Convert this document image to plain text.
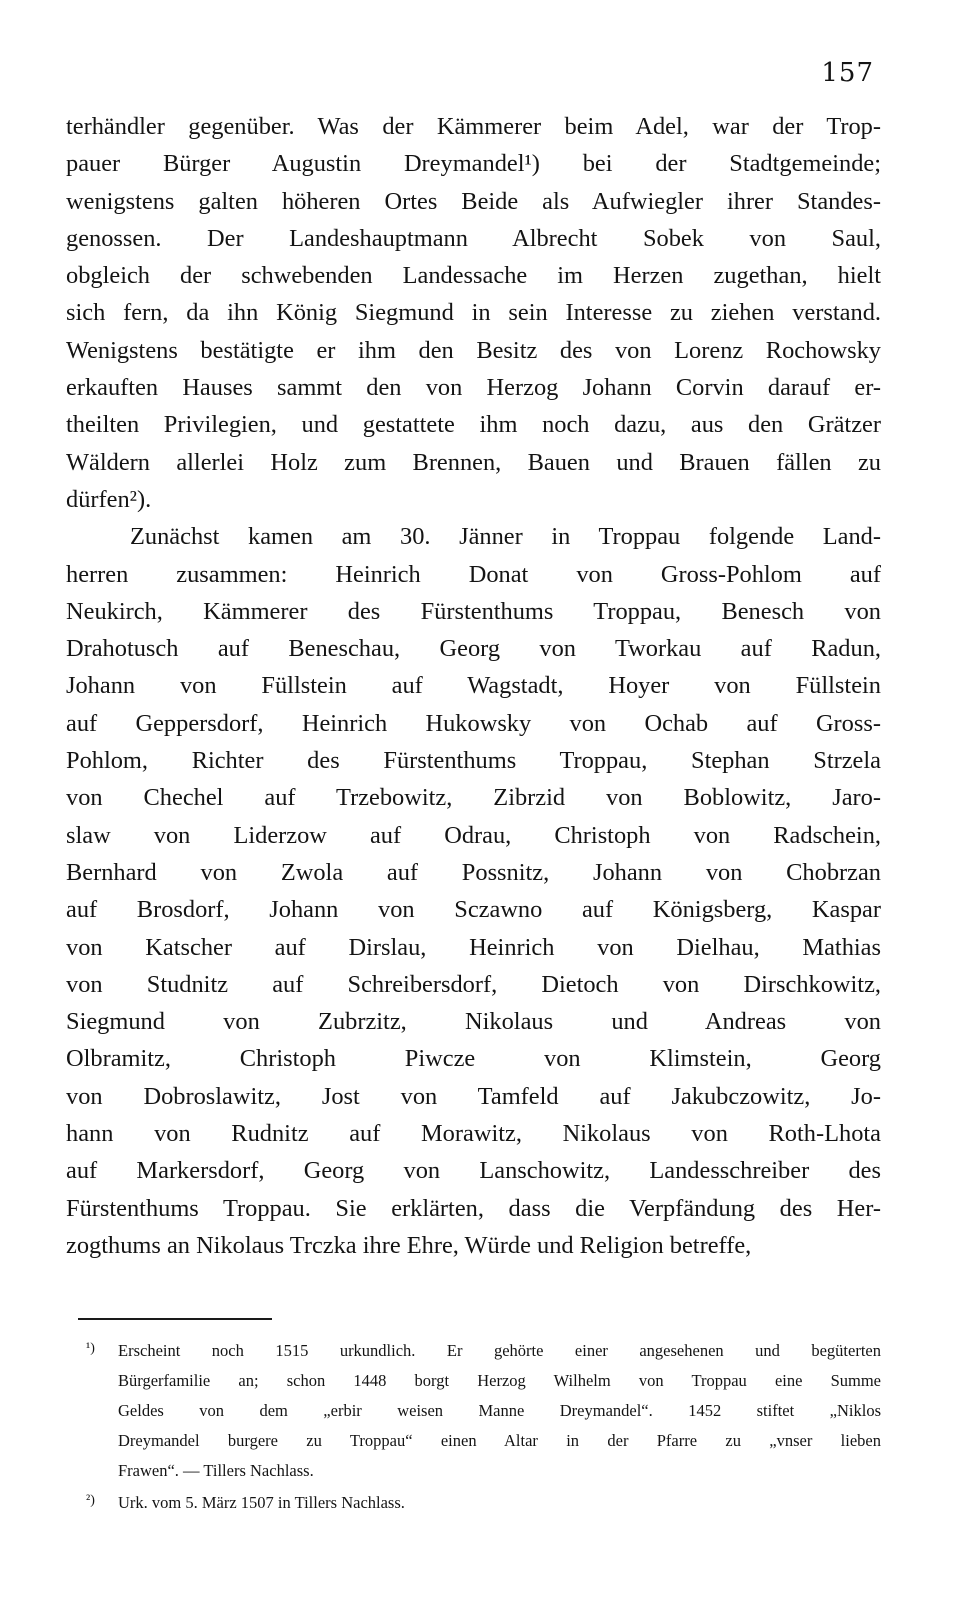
157
terhändler gegenüber. Was der Kämmerer beim Adel, war der Trop-
pauer Bürger Augustin Dreymandel¹) bei der Stadtgemeinde;
wenigstens galten höheren Ortes Beide als Aufwiegler ihrer Standes-
genossen. Der Landeshauptmann Albrecht Sobek von Saul,
obgleich der schwebenden Landessache im Herzen zugethan, hielt
sich fern, da ihn König Siegmund in sein Interesse zu ziehen verstand.
Wenigstens bestätigte er ihm den Besitz des von Lorenz Rochowsky
erkauften Hauses sammt den von Herzog Johann Corvin darauf er-
theilten Privilegien, und gestattete ihm noch dazu, aus den Grätzer
Wäldern allerlei Holz zum Brennen, Bauen und Brauen fällen zu
dürfen²).
Zunächst kamen am 30. Jänner in Troppau folgende Land-
herren zusammen: Heinrich Donat von Gross-Pohlom auf
Neukirch, Kämmerer des Fürstenthums Troppau, Benesch von
Drahotusch auf Beneschau, Georg von Tworkau auf Radun,
Johann von Füllstein auf Wagstadt, Hoyer von Füllstein
auf Geppersdorf, Heinrich Hukowsky von Ochab auf Gross-
Pohlom, Richter des Fürstenthums Troppau, Stephan Strzela
von Chechel auf Trzebowitz, Zibrzid von Boblowitz, Jaro-
slaw von Liderzow auf Odrau, Christoph von Radschein,
Bernhard von Zwola auf Possnitz, Johann von Chobrzan
auf Brosdorf, Johann von Sczawno auf Königsberg, Kaspar
von Katscher auf Dirslau, Heinrich von Dielhau, Mathias
von Studnitz auf Schreibersdorf, Dietoch von Dirschkowitz,
Siegmund von Zubrzitz, Nikolaus und Andreas von
Olbramitz, Christoph Piwcze von Klimstein, Georg
von Dobroslawitz, Jost von Tamfeld auf Jakubczowitz, Jo-
hann von Rudnitz auf Morawitz, Nikolaus von Roth-Lhota
auf Markersdorf, Georg von Lanschowitz, Landesschreiber des
Fürstenthums Troppau. Sie erklärten, dass die Verpfändung des Her-
zogthums an Nikolaus Trczka ihre Ehre, Würde und Religion betreffe,
¹) Erscheint noch 1515 urkundlich. Er gehörte einer angesehenen und begüterten
Bürgerfamilie an; schon 1448 borgt Herzog Wilhelm von Troppau eine Summe
Geldes von dem „erbir weisen Manne Dreymandel“. 1452 stiftet „Niklos
Dreymandel burgere zu Troppau“ einen Altar in der Pfarre zu „vnser lieben
Frawen“. — Tillers Nachlass.
²) Urk. vom 5. März 1507 in Tillers Nachlass.
